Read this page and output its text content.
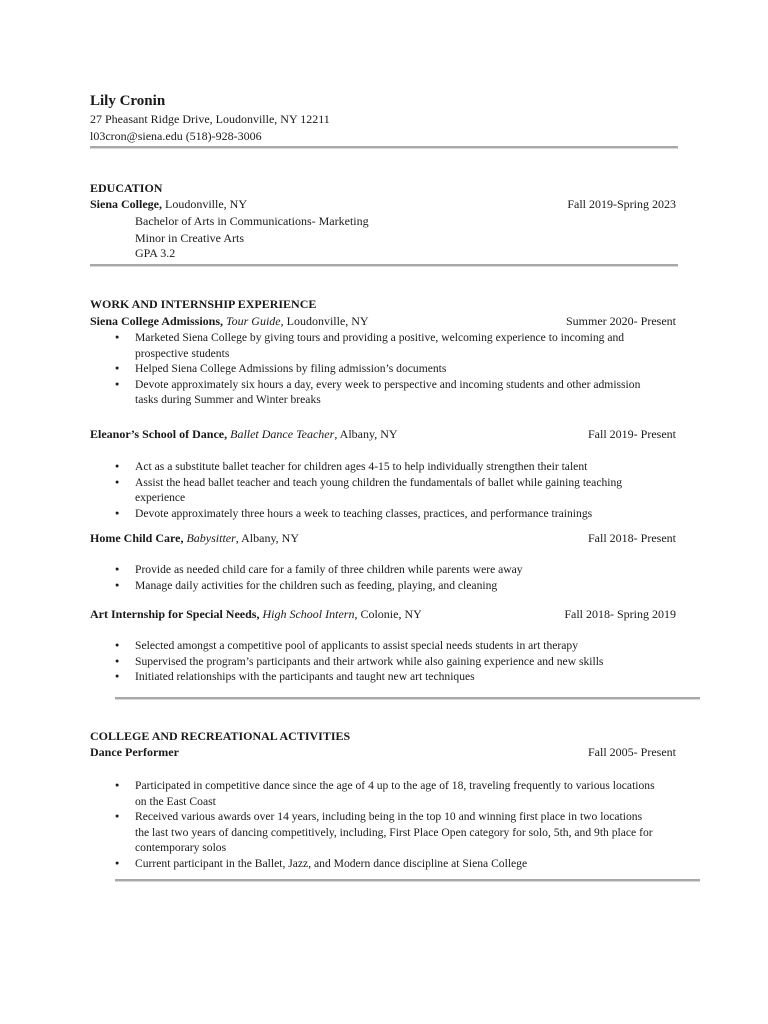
Lily Cronin
27 Pheasant Ridge Drive, Loudonville, NY 12211
l03cron@siena.edu (518)-928-3006
EDUCATION
Siena College, Loudonville, NY	Fall 2019-Spring 2023
Bachelor of Arts in Communications- Marketing
Minor in Creative Arts
GPA 3.2
WORK AND INTERNSHIP EXPERIENCE
Siena College Admissions, Tour Guide, Loudonville, NY	Summer 2020- Present
● Marketed Siena College by giving tours and providing a positive, welcoming experience to incoming and prospective students
● Helped Siena College Admissions by filing admission’s documents
● Devote approximately six hours a day, every week to perspective and incoming students and other admission tasks during Summer and Winter breaks
Eleanor’s School of Dance, Ballet Dance Teacher, Albany, NY	Fall 2019- Present
● Act as a substitute ballet teacher for children ages 4-15 to help individually strengthen their talent
● Assist the head ballet teacher and teach young children the fundamentals of ballet while gaining teaching experience
● Devote approximately three hours a week to teaching classes, practices, and performance trainings
Home Child Care, Babysitter, Albany, NY	Fall 2018- Present
● Provide as needed child care for a family of three children while parents were away
● Manage daily activities for the children such as feeding, playing, and cleaning
Art Internship for Special Needs, High School Intern, Colonie, NY	Fall 2018- Spring 2019
● Selected amongst a competitive pool of applicants to assist special needs students in art therapy
● Supervised the program’s participants and their artwork while also gaining experience and new skills
● Initiated relationships with the participants and taught new art techniques
COLLEGE AND RECREATIONAL ACTIVITIES
Dance Performer	Fall 2005- Present
● Participated in competitive dance since the age of 4 up to the age of 18, traveling frequently to various locations on the East Coast
● Received various awards over 14 years, including being in the top 10 and winning first place in two locations the last two years of dancing competitively, including, First Place Open category for solo, 5th, and 9th place for contemporary solos
● Current participant in the Ballet, Jazz, and Modern dance discipline at Siena College
